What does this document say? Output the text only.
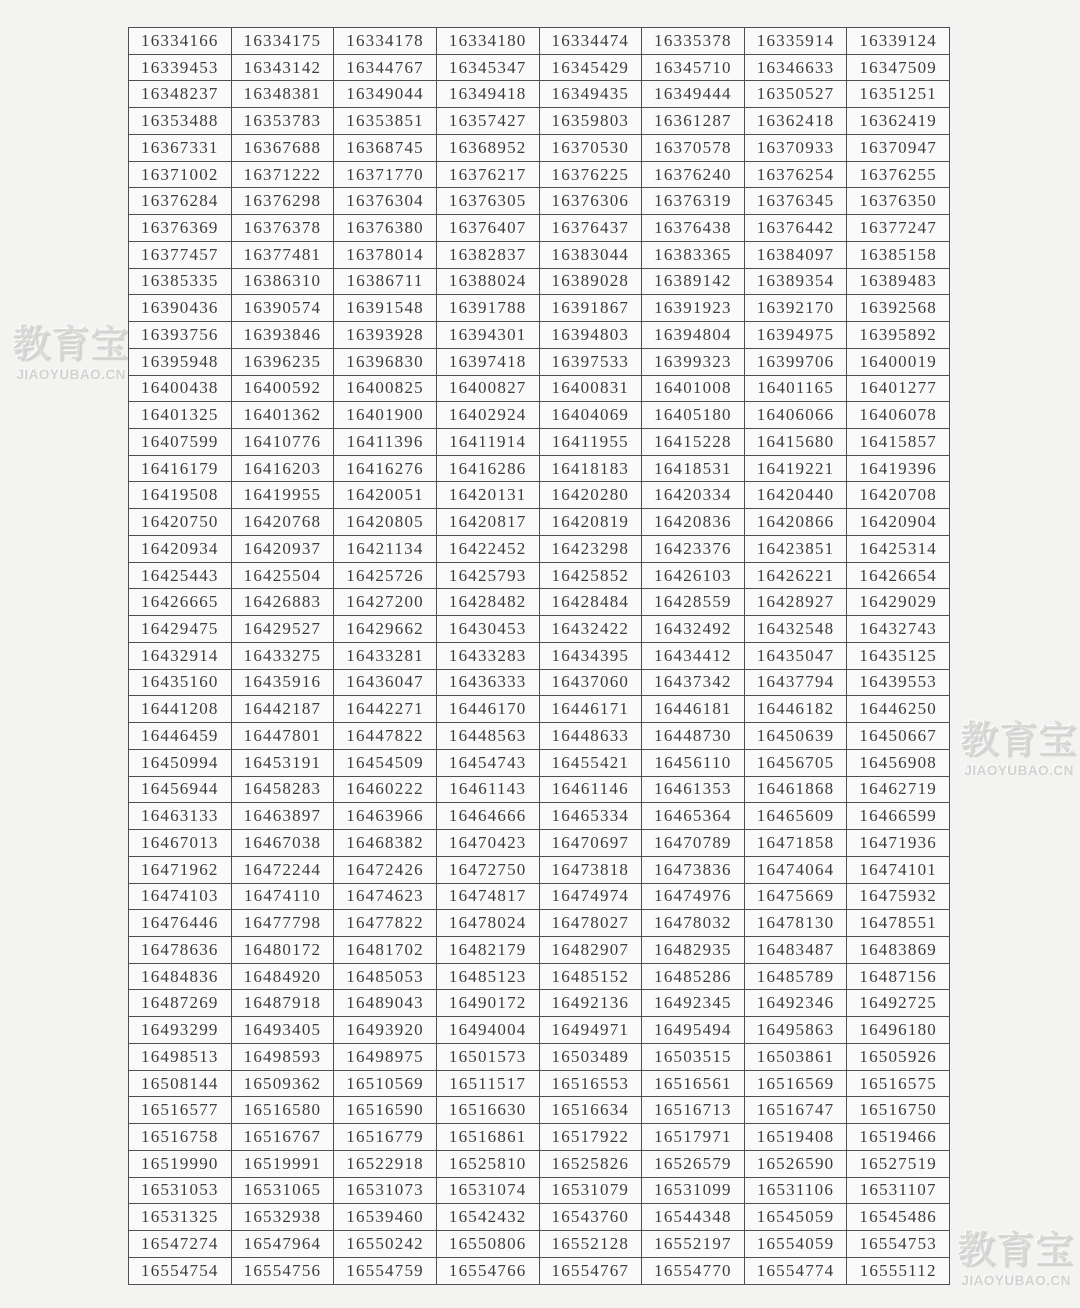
16334166	16334175	16334178	16334180	16334474	16335378	16335914	16339124
16339453	16343142	16344767	16345347	16345429	16345710	16346633	16347509
16348237	16348381	16349044	16349418	16349435	16349444	16350527	16351251
16353488	16353783	16353851	16357427	16359803	16361287	16362418	16362419
16367331	16367688	16368745	16368952	16370530	16370578	16370933	16370947
16371002	16371222	16371770	16376217	16376225	16376240	16376254	16376255
16376284	16376298	16376304	16376305	16376306	16376319	16376345	16376350
16376369	16376378	16376380	16376407	16376437	16376438	16376442	16377247
16377457	16377481	16378014	16382837	16383044	16383365	16384097	16385158
16385335	16386310	16386711	16388024	16389028	16389142	16389354	16389483
16390436	16390574	16391548	16391788	16391867	16391923	16392170	16392568
16393756	16393846	16393928	16394301	16394803	16394804	16394975	16395892
16395948	16396235	16396830	16397418	16397533	16399323	16399706	16400019
16400438	16400592	16400825	16400827	16400831	16401008	16401165	16401277
16401325	16401362	16401900	16402924	16404069	16405180	16406066	16406078
16407599	16410776	16411396	16411914	16411955	16415228	16415680	16415857
16416179	16416203	16416276	16416286	16418183	16418531	16419221	16419396
16419508	16419955	16420051	16420131	16420280	16420334	16420440	16420708
16420750	16420768	16420805	16420817	16420819	16420836	16420866	16420904
16420934	16420937	16421134	16422452	16423298	16423376	16423851	16425314
16425443	16425504	16425726	16425793	16425852	16426103	16426221	16426654
16426665	16426883	16427200	16428482	16428484	16428559	16428927	16429029
16429475	16429527	16429662	16430453	16432422	16432492	16432548	16432743
16432914	16433275	16433281	16433283	16434395	16434412	16435047	16435125
16435160	16435916	16436047	16436333	16437060	16437342	16437794	16439553
16441208	16442187	16442271	16446170	16446171	16446181	16446182	16446250
16446459	16447801	16447822	16448563	16448633	16448730	16450639	16450667
16450994	16453191	16454509	16454743	16455421	16456110	16456705	16456908
16456944	16458283	16460222	16461143	16461146	16461353	16461868	16462719
16463133	16463897	16463966	16464666	16465334	16465364	16465609	16466599
16467013	16467038	16468382	16470423	16470697	16470789	16471858	16471936
16471962	16472244	16472426	16472750	16473818	16473836	16474064	16474101
16474103	16474110	16474623	16474817	16474974	16474976	16475669	16475932
16476446	16477798	16477822	16478024	16478027	16478032	16478130	16478551
16478636	16480172	16481702	16482179	16482907	16482935	16483487	16483869
16484836	16484920	16485053	16485123	16485152	16485286	16485789	16487156
16487269	16487918	16489043	16490172	16492136	16492345	16492346	16492725
16493299	16493405	16493920	16494004	16494971	16495494	16495863	16496180
16498513	16498593	16498975	16501573	16503489	16503515	16503861	16505926
16508144	16509362	16510569	16511517	16516553	16516561	16516569	16516575
16516577	16516580	16516590	16516630	16516634	16516713	16516747	16516750
16516758	16516767	16516779	16516861	16517922	16517971	16519408	16519466
16519990	16519991	16522918	16525810	16525826	16526579	16526590	16527519
16531053	16531065	16531073	16531074	16531079	16531099	16531106	16531107
16531325	16532938	16539460	16542432	16543760	16544348	16545059	16545486
16547274	16547964	16550242	16550806	16552128	16552197	16554059	16554753
16554754	16554756	16554759	16554766	16554767	16554770	16554774	16555112
教育宝
JIAOYUBAO.CN
教育宝
JIAOYUBAO.CN
教育宝
JIAOYUBAO.CN
